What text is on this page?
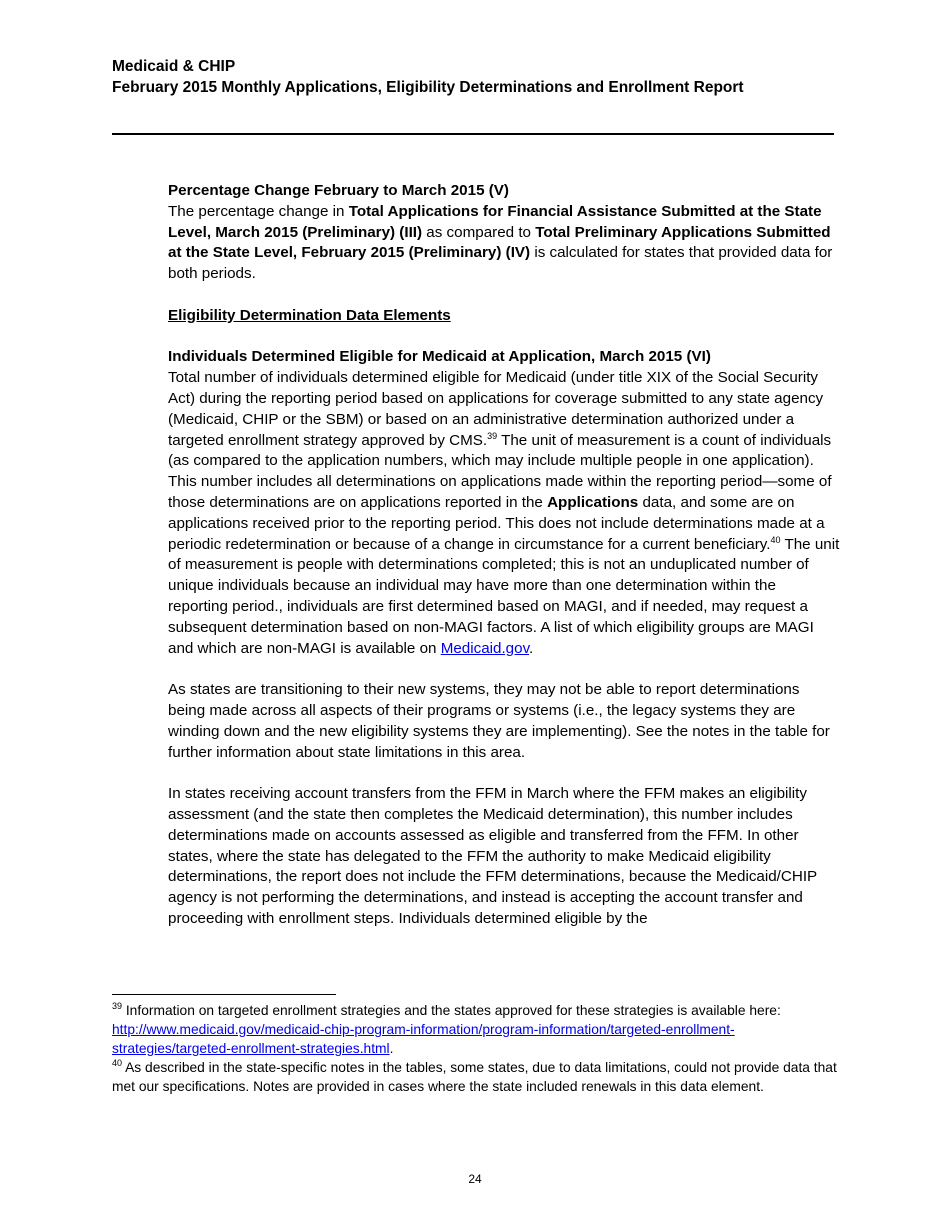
Medicaid & CHIP
February 2015 Monthly Applications, Eligibility Determinations and Enrollment Report

Percentage Change February to March 2015 (V)
The percentage change in Total Applications for Financial Assistance Submitted at the State Level, March 2015 (Preliminary) (III) as compared to Total Preliminary Applications Submitted at the State Level, February 2015 (Preliminary) (IV) is calculated for states that provided data for both periods.

Eligibility Determination Data Elements

Individuals Determined Eligible for Medicaid at Application, March 2015 (VI)
Total number of individuals determined eligible for Medicaid (under title XIX of the Social Security Act) during the reporting period based on applications for coverage submitted to any state agency (Medicaid, CHIP or the SBM) or based on an administrative determination authorized under a targeted enrollment strategy approved by CMS.$^{39}$ The unit of measurement is a count of individuals (as compared to the application numbers, which may include multiple people in one application). This number includes all determinations on applications made within the reporting period—some of those determinations are on applications reported in the Applications data, and some are on applications received prior to the reporting period. This does not include determinations made at a periodic redetermination or because of a change in circumstance for a current beneficiary.$^{40}$ The unit of measurement is people with determinations completed; this is not an unduplicated number of unique individuals because an individual may have more than one determination within the reporting period., individuals are first determined based on MAGI, and if needed, may request a subsequent determination based on non-MAGI factors. A list of which eligibility groups are MAGI and which are non-MAGI is available on Medicaid.gov.

As states are transitioning to their new systems, they may not be able to report determinations being made across all aspects of their programs or systems (i.e., the legacy systems they are winding down and the new eligibility systems they are implementing). See the notes in the table for further information about state limitations in this area.

In states receiving account transfers from the FFM in March where the FFM makes an eligibility assessment (and the state then completes the Medicaid determination), this number includes determinations made on accounts assessed as eligible and transferred from the FFM. In other states, where the state has delegated to the FFM the authority to make Medicaid eligibility determinations, the report does not include the FFM determinations, because the Medicaid/CHIP agency is not performing the determinations, and instead is accepting the account transfer and proceeding with enrollment steps. Individuals determined eligible by the

$^{39}$ Information on targeted enrollment strategies and the states approved for these strategies is available here: http://www.medicaid.gov/medicaid-chip-program-information/program-information/targeted-enrollment-strategies/targeted-enrollment-strategies.html.

$^{40}$ As described in the state-specific notes in the tables, some states, due to data limitations, could not provide data that met our specifications. Notes are provided in cases where the state included renewals in this data element.

24
